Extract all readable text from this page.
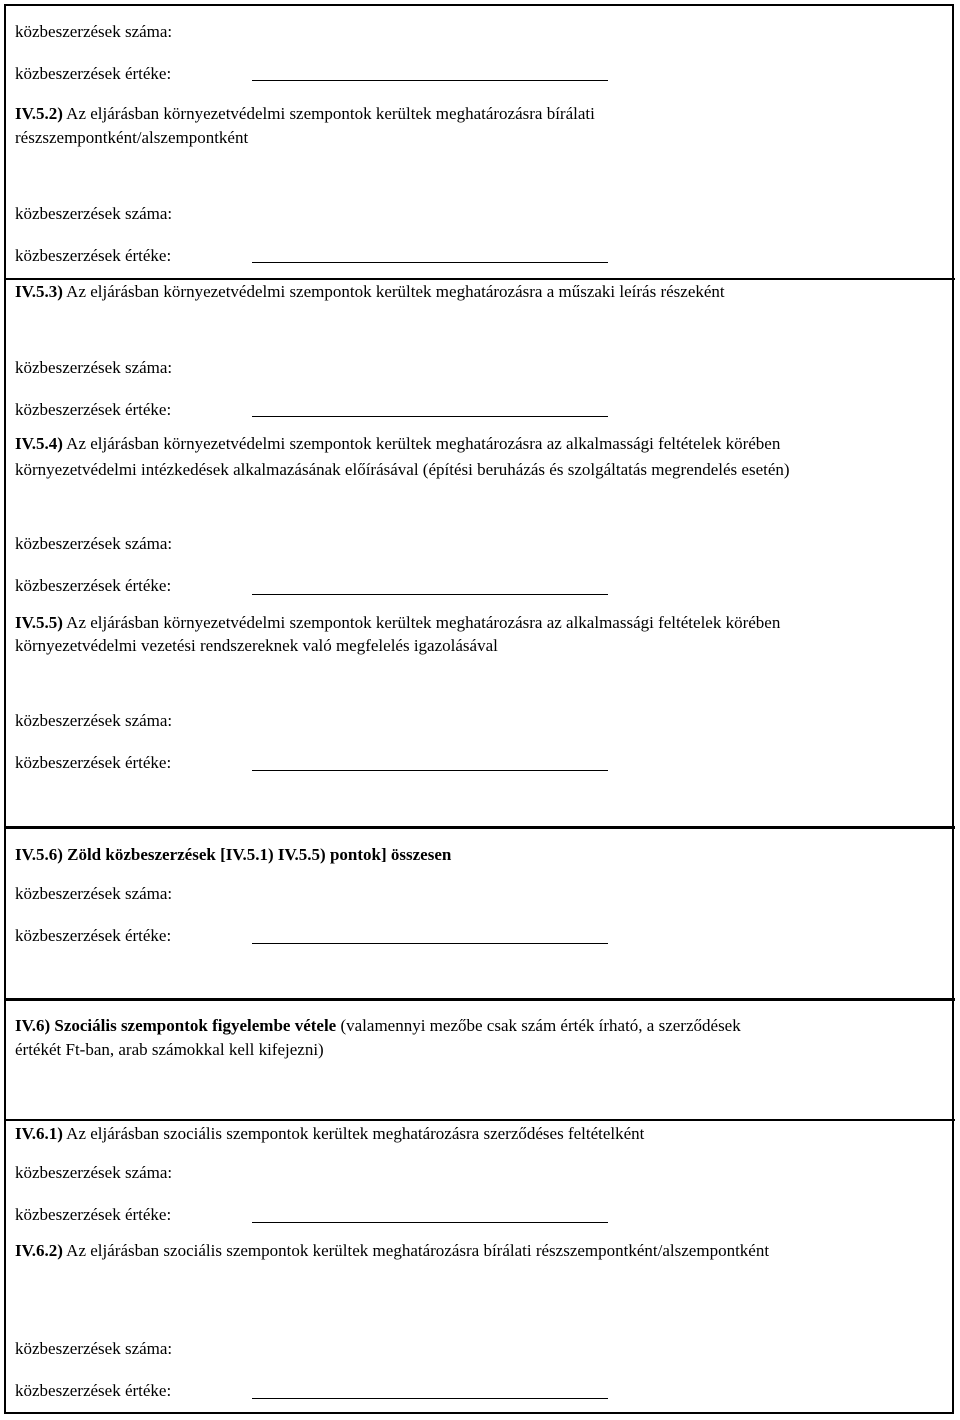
közbeszerzések száma:
közbeszerzések értéke:
IV.5.2) Az eljárásban környezetvédelmi szempontok kerültek meghatározásra bírálati
részszempontként/alszempontként
közbeszerzések száma:
közbeszerzések értéke:
IV.5.3) Az eljárásban környezetvédelmi szempontok kerültek meghatározásra a műszaki leírás részeként
közbeszerzések száma:
közbeszerzések értéke:
IV.5.4) Az eljárásban környezetvédelmi szempontok kerültek meghatározásra az alkalmassági feltételek körében
környezetvédelmi intézkedések alkalmazásának előírásával (építési beruházás és szolgáltatás megrendelés esetén)
közbeszerzések száma:
közbeszerzések értéke:
IV.5.5) Az eljárásban környezetvédelmi szempontok kerültek meghatározásra az alkalmassági feltételek körében
környezetvédelmi vezetési rendszereknek való megfelelés igazolásával
közbeszerzések száma:
közbeszerzések értéke:
IV.5.6) Zöld közbeszerzések [IV.5.1) IV.5.5) pontok] összesen
közbeszerzések száma:
közbeszerzések értéke:
IV.6) Szociális szempontok figyelembe vétele (valamennyi mezőbe csak szám érték írható, a szerződések
értékét Ft-ban, arab számokkal kell kifejezni)
IV.6.1) Az eljárásban szociális szempontok kerültek meghatározásra szerződéses feltételként
közbeszerzések száma:
közbeszerzések értéke:
IV.6.2) Az eljárásban szociális szempontok kerültek meghatározásra bírálati részszempontként/alszempontként
közbeszerzések száma:
közbeszerzések értéke:
